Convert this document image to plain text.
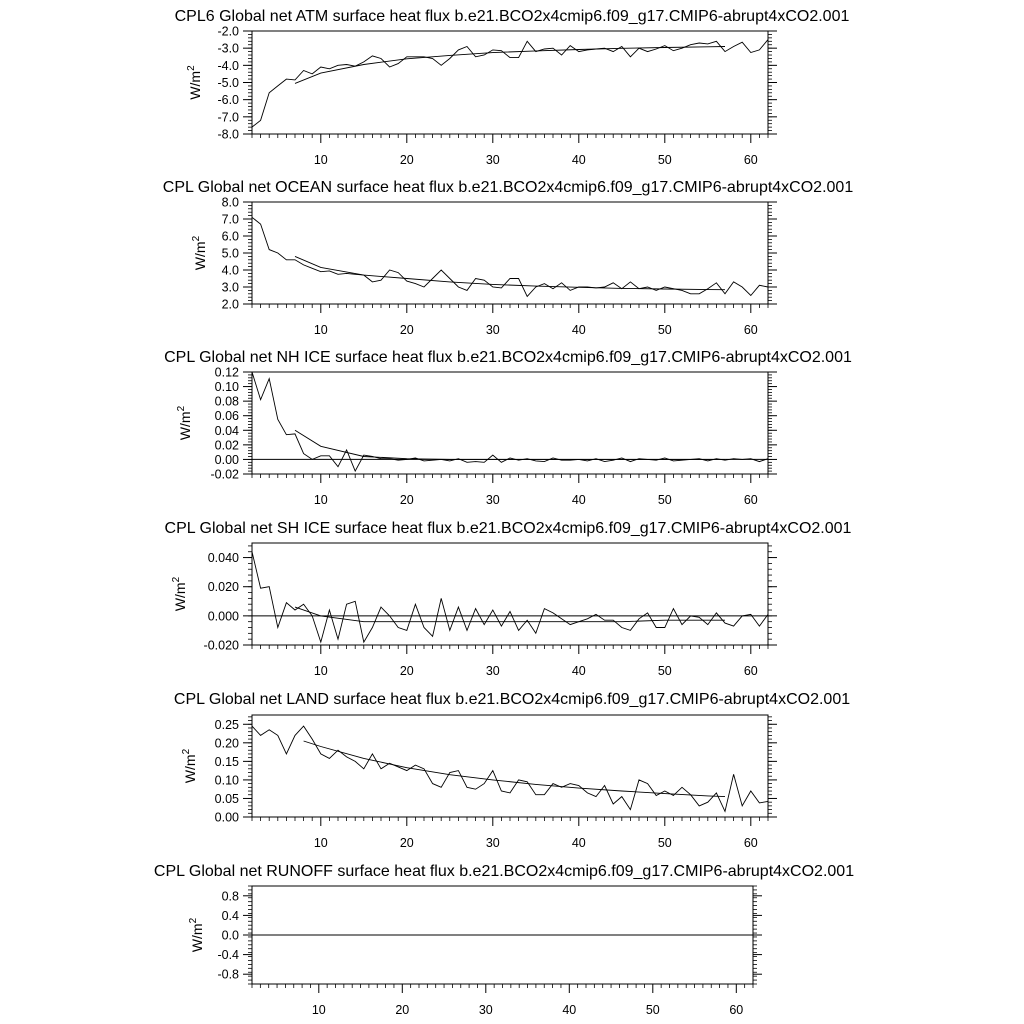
CPL6 Global net ATM surface heat flux b.e21.BCO2x4cmip6.f09_g17.CMIP6-abrupt4xCO2.001
-8.0
-7.0
-6.0
-5.0
-4.0
-3.0
-2.0
10	20	30	40	50	60
$W/m^2$
CPL Global net OCEAN surface heat flux b.e21.BCO2x4cmip6.f09_g17.CMIP6-abrupt4xCO2.001
2.0
3.0
4.0
5.0
6.0
7.0
8.0
10	20	30	40	50	60
$W/m^2$
CPL Global net NH ICE surface heat flux b.e21.BCO2x4cmip6.f09_g17.CMIP6-abrupt4xCO2.001
-0.02
0.00
0.02
0.04
0.06
0.08
0.10
0.12
10	20	30	40	50	60
$W/m^2$
CPL Global net SH ICE surface heat flux b.e21.BCO2x4cmip6.f09_g17.CMIP6-abrupt4xCO2.001
-0.020
0.000
0.020
0.040
10	20	30	40	50	60
$W/m^2$
CPL Global net LAND surface heat flux b.e21.BCO2x4cmip6.f09_g17.CMIP6-abrupt4xCO2.001
0.00
0.05
0.10
0.15
0.20
0.25
10	20	30	40	50	60
$W/m^2$
CPL Global net RUNOFF surface heat flux b.e21.BCO2x4cmip6.f09_g17.CMIP6-abrupt4xCO2.001
-0.8
-0.4
0.0
0.4
0.8
10	20	30	40	50	60
$W/m^2$
